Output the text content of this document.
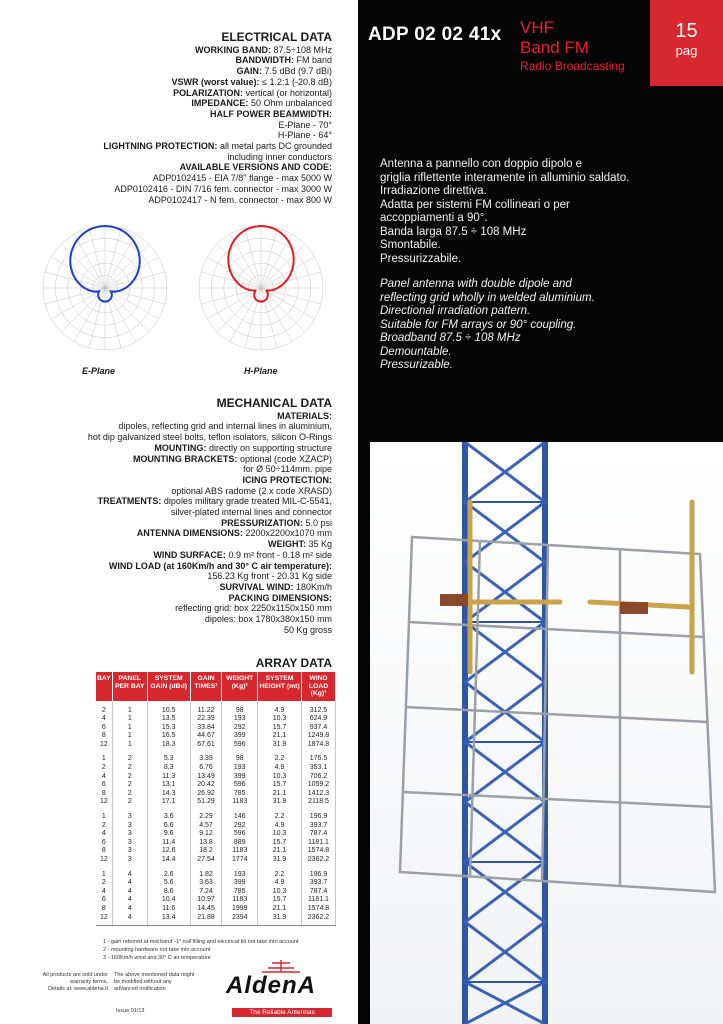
ADP 02 02 41x VHF
Band FM
Radio Broadcasting
15
pag

Antenna a pannello con doppio dipolo e

griglia riflettente interamente in alluminio saldato.

Irradiazione direttiva.

Adatta per sistemi FM collineari o per

accoppiamenti a 90°.

Banda larga 87.5 ÷ 108 MHz

Smontabile.

Pressurizzabile.

Panel antenna with double dipole and

reflecting grid wholly in welded aluminium.

Directional irradiation pattern.

Suitable for FM arrays or 90° coupling.

Broadband 87.5 ÷ 108 MHz

Demountable.

Pressurizable.

ELECTRICAL DATA
WORKING BAND: 87.5÷108 MHz
BANDWIDTH: FM band
GAIN: 7.5 dBd (9.7 dBi)
VSWR (worst value): ≤ 1.2:1 (-20.8 dB)
POLARIZATION: vertical (or horizontal)
IMPEDANCE: 50 Ohm unbalanced
HALF POWER BEAMWIDTH:
E-Plane - 70°
H-Plane - 64°
LIGHTNING PROTECTION: all metal parts DC grounded
including inner conductors
AVAILABLE VERSIONS AND CODE:
ADP0102415 - EIA 7/8" flange - max 5000 W
ADP0102416 - DIN 7/16 fem. connector - max 3000 W
ADP0102417 - N fem. connector - max 800 W
E-Plane	H-Plane
MECHANICAL DATA
MATERIALS:
dipoles, reflecting grid and internal lines in aluminium,
hot dip galvanized steel bolts, teflon isolators, silicon O-Rings
MOUNTING: directly on supporting structure
MOUNTING BRACKETS: optional (code XZACP)
for Ø 50÷114mm. pipe
ICING PROTECTION:
optional ABS radome (2 x code XRASD)
TREATMENTS: dipoles military grade treated MIL-C-5541,
silver-plated internal lines and connector
PRESSURIZATION: 5.0 psi
ANTENNA DIMENSIONS: 2200x2200x1070 mm
WEIGHT: 35 Kg
WIND SURFACE: 0.9 m² front - 0.18 m² side
WIND LOAD (at 160Km/h and 30° C air temperature):
156.23 Kg front - 20.31 Kg side
SURVIVAL WIND: 180Km/h
PACKING DIMENSIONS:
reflecting grid: box 2250x1150x150 mm
dipoles: box 1780x380x150 mm
50 Kg gross
ARRAY DATA
BAY	PANEL PER BAY	SYSTEM GAIN (dBd)	GAIN TIMES¹	WEIGHT (Kg)²	SYSTEM HEIGHT (mt)	WIND LOAD (Kg)³

2	1	10.5	11.22	98	4.9	312.5
4	1	13.5	22.39	193	10.3	624.9
6	1	15.3	33.84	292	15.7	937.4
8	1	16.5	44.67	399	21.1	1249.8
12	1	18.3	67.61	596	31.9	1874.8

1	2	5.3	3.39	98	2.2	176.5
2	2	8.3	6.76	193	4.9	353.1
4	2	11.3	13.49	399	10.3	706.2
6	2	13.1	20.42	596	15.7	1059.2
8	2	14.3	26.92	785	21.1	1412.3
12	2	17.1	51.29	1183	31.9	2118.5

1	3	3.6	2.29	146	2.2	196.9
2	3	6.6	4.57	292	4.9	393.7
4	3	9.6	9.12	596	10.3	787.4
6	3	11.4	13.8	889	15.7	1181.1
8	3	12.6	18.2	1183	21.1	1574.8
12	3	14.4	27.54	1774	31.9	2362.2

1	4	2.6	1.82	193	2.2	196.9
2	4	5.6	3.63	399	4.9	393.7
4	4	8.6	7.24	785	10.3	787.4
6	4	10.4	10.97	1183	15.7	1181.1
8	4	11.6	14.45	1999	21.1	1574.8
12	4	13.4	21.88	2394	31.9	2362.2
1 - gain referred at mid band -1° null filling and electrical tilt not take into account
2 - mounting hardware not take into account
3 - 160Km/h wind and 30° C air temperature
All products are sold under
warranty terms.
Details at: www.aldena.it
The above mentioned data might
be modified without any
advanced notification
Issue 01/13
AldenA
The Reliable Antennas
